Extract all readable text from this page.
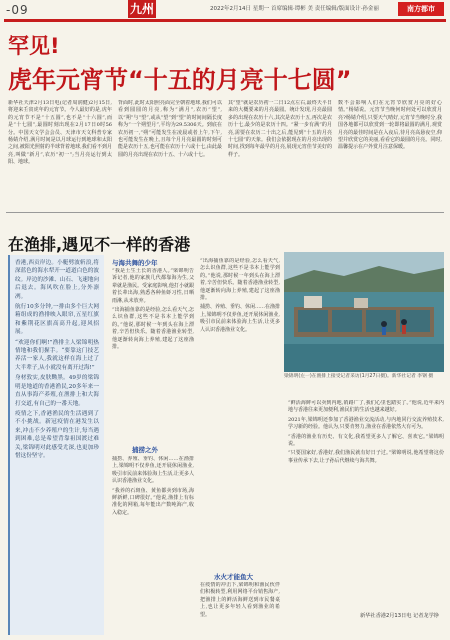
-09	九州	2022年2月14日 星期一 首席编辑·谭彬 美 责任编辑/版面设计·孙金丽	南方都市
罕见!
虎年元宵节“十五的月亮十七圆”
新华社天津2月13日电(记者周润健)2月15日,将迎来壬寅虎年的元宵节。今人最好的是,虎年的元宵节不是“十五圆”,也不是“十六圆”,而是“十七圆”,最圆时刻出现在2月17日0时56分。中国天文学会会员、天津市天文科普专家杨婧介绍,满月时间是以月球运行到地球和太阳之间,被阳光照射的半球背着地球,我们看不到月亮,叫做“新月”,农历“初一”;当月亮运行到太阳、地球。
背面时,此时太阳照亮面完全朝着地球,我们可以看到圆圆的月亮,称为“满月”,农历“望”,以“朔”与“望”,或从“望”到“望”的时间间隔长度称为“一个朔望月”,平均为29.5306天。到底在农历初一,“朔”可能发生在凌晨或者上午,下午,也可能发生在晚上,且每个月月亮最圆的时刻可能是农历十五,也可能在农历十六或十七,由此最圆的月亮出现在农历十五、十六或十七。
其“望”就是农历初一二日12点左右,最终天平日来的大概要来的月亮最圆。统计发现,月亮最圆多的出现在农历十六,其次是农历十五,再次是农历十七,最少的是农历十四。“紧一步有满”的月亮,需要在农历二十出之后,能见到“十五的月亮十七圆”的天象。我们会依据现在的月亮出现的时间,找到每年最早的月亮,展现元宵佳节美好的样子。
数不会影响人们在元宵节欣赏月亮的好心情。”杨婧说。元宵节当晚何时何处可以欣赏月亮?杨婧介绍,只要天气晴好,元宵节当晚时分,我国各地都可以欣赏到一轮即将最圆的满月,观赏月亮的最佳时间是在入夜后,待月亮高悬夜空,仰望并欣赏它的美丽,看看它的最圆的月亮。同时,温馨提示在户外赏月注意保暖。
在渔排,遇见不一样的香港

香港,西贡岸边。小艇劈波斩浪,将深蓝色的海水犁开一道道白色的波纹。岸边的沙滩、山石、飞速地向后退去。海风吹在脸上,分外凛冽。

航行10多分钟,一排由多个巨大网箱组成的渔排映入眼帘,五星红旗和紫荆花区旗高高升起,迎风招展。

“欢迎你们啊!”渔排主人梁锦明热情地和我们握手。“要靠这门技艺养活一家人,我就这样在海上过了大半辈子,从小就没有离开过海!”

身材敦实,皮肤黝黑。49岁的梁锦明是地道的香港渔民,20多年来一直从事海产养殖,在渔排上和大海打交道,有自己的一番天地。

疫情之下,香港渔民的生活遇到了不小挑战。新冠疫情在港发生以来,冲击不少养殖户的生计,每当遇到困难,总是希望背靠祖国渡过难关,梁锦明对此感受尤深,也更加珍惜这份坚守。

与海共舞的少年
“我是土生土长的香港人。”梁锦明告诉记者,他的家族几代都靠海为生,父辈就是渔民。受家庭影响,他打小就跟着长辈出海,熟悉各种鱼虾习性,日晒雨淋,从未放弃。
“出海捕鱼靠的是经验,怎么看天气,怎么识鱼群,这些不是书本上能学到的。”他说,那时候一年到头在海上漂着,辛苦但快乐。随着香港渔业转型,他逐渐转向海上养殖,建起了这座渔排。
捕捞之外
捕捞、养殖、垂钓、休闲……在渔排上,梁锦明不仅养鱼,还开展休闲渔业,吸引市民前来体验海上生活,让更多人认识香港渔业文化。
“我养的石斑鱼、黄鱼都卖到市场,海鲜新鲜,口碑很好。”他说,渔排上有标准化的网箱,每年能出产数吨海产,收入稳定。
“出海捕鱼靠的是经验,怎么看天气,怎么识鱼群,这些不是书本上能学到的。”他说,那时候一年到头在海上漂着,辛苦但快乐。随着香港渔业转型,他逐渐转向海上养殖,建起了这座渔排。
捕捞、养殖、垂钓、休闲……在渔排上,梁锦明不仅养鱼,还开展休闲渔业,吸引市民前来体验海上生活,让更多人认识香港渔业文化。
水火才能鱼大
在疫情的冲击下,梁锦明和渔民伙伴们积极转型,利用网络平台销售海产,把渔排上的鲜活海鲜送到市民餐桌上,也让更多年轻人看到渔业的希望。
梁锦明(左一)在渔排上接受记者采访(1月27日摄)。新华社记者 李钢 摄
“鲜活海鲜可以卖到内地,销路广了,我们心里也踏实了。”他说,近年来内地与香港往来更加便利,渔民们的生活也越来越好。
2021年,梁锦明还参加了香港渔业交流活动,与内地同行交流养殖技术,学习新的经验。他认为,只要肯努力,渔业在香港依然大有可为。
“香港的渔业有历史、有文化,我希望更多人了解它、喜欢它。”梁锦明说。
“只要国家好,香港好,我们渔民就有好日子过。”梁锦明说,他希望将这份事业传承下去,让子孙后代继续与海共舞。
新华社香港2月13日电 记者龙学铮
